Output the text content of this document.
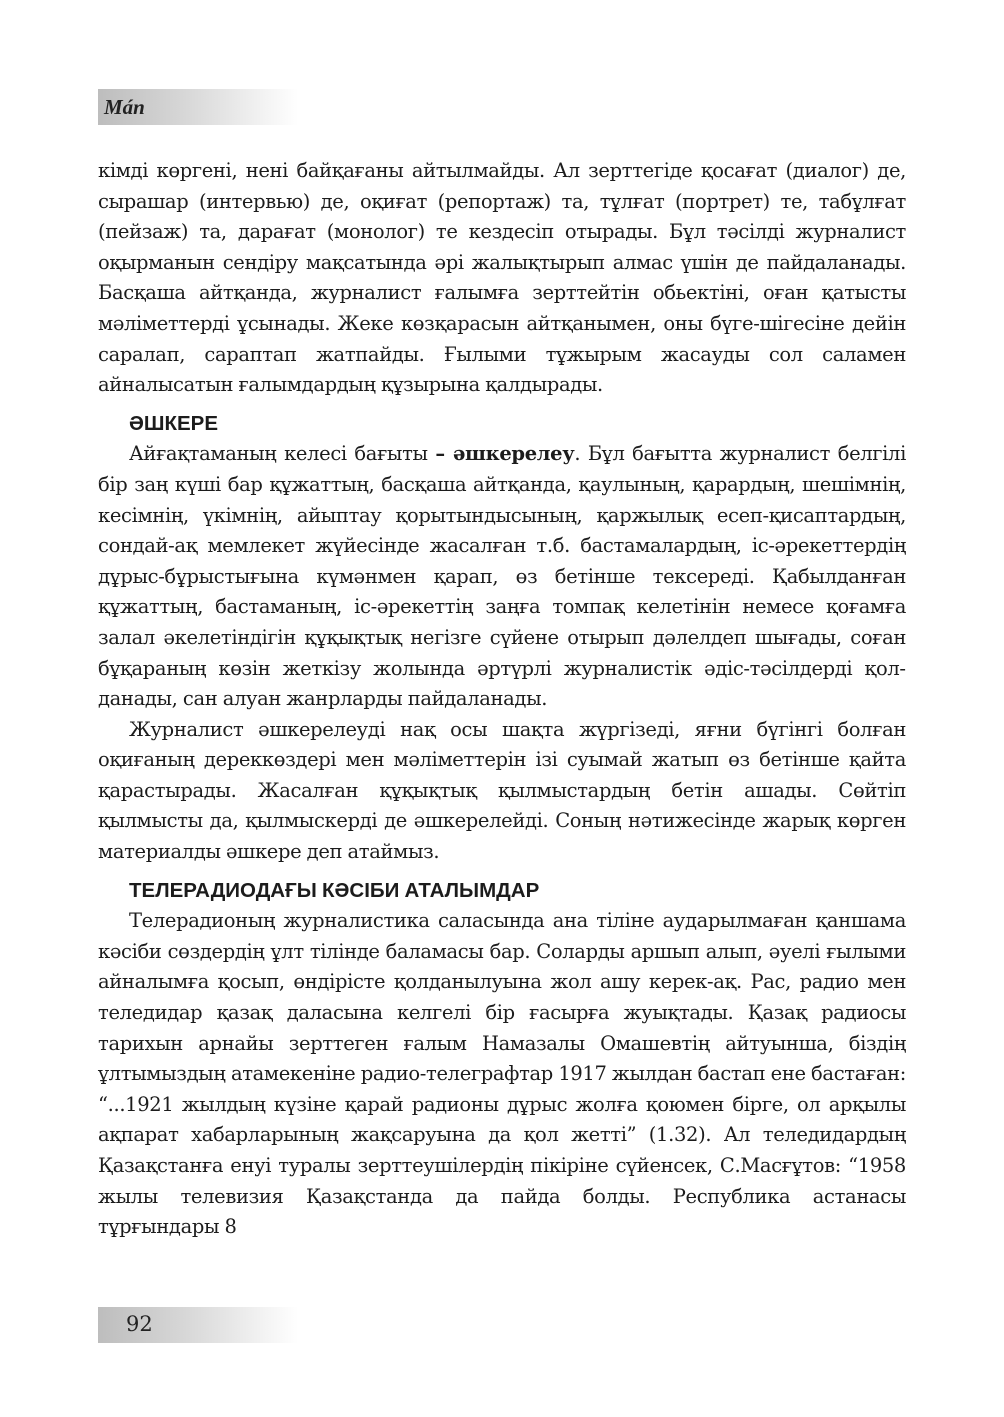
Mán

кімді көргені, нені байқағаны айтылмайды. Ал зерттегіде қосағат (диалог) де, сырашар (интервью) де, оқиғат (репортаж) та, тұлғат (портрет) те, табұлғат (пейзаж) та, дарағат (монолог) те кездесіп отырады. Бұл тәсілді журналист оқырманын сендіру мақсатында әрі жалықтырып алмас үшін де пайдаланады. Басқаша айтқанда, журналист ғалымға зерттейтін обьектіні, оған қатысты мәліметтерді ұсынады. Жеке көзқарасын айтқанымен, оны бүге-шігесіне дейін саралап, сараптап жатпайды. Ғылыми тұжырым жасауды сол саламен айналысатын ғалымдардың құзырына қалдырады.

ӘШКЕРЕ

Айғақтаманың келесі бағыты – әшкерелеу. Бұл бағытта журналист белгілі бір заң күші бар құжаттың, басқаша айтқанда, қаулының, қарардың, шешімнің, кесімнің, үкімнің, айыптау қорытындысының, қаржылық есеп-қисаптардың, сондай-ақ мемлекет жүйесінде жасалған т.б. бастамалардың, іс-әрекеттердің дұрыс-бұрыстығына күмәнмен қарап, өз бетінше тексереді. Қабылданған құжаттың, бастаманың, іс-әрекеттің заңға томпақ келетінін немесе қоғамға залал әкелетіндігін құқықтық негізге сүйене отырып дәлелдеп шығады, соған бұқараның көзін жеткізу жолында әртүрлі журналистік әдіс-тәсілдерді қолданады, сан алуан жанрларды пайдаланады.

Журналист әшкерелеуді нақ осы шақта жүргізеді, яғни бүгінгі болған оқиғаның дереккөздері мен мәліметтерін ізі суымай жатып өз бетінше қайта қарастырады. Жасалған құқықтық қылмыстардың бетін ашады. Сөйтіп қылмысты да, қылмыскерді де әшкерелейді. Соның нәтижесінде жарық көрген материалды әшкере деп атаймыз.

ТЕЛЕРАДИОДАҒЫ КӘСІБИ АТАЛЫМДАР

Телерадионың журналистика саласында ана тіліне аударылмаған қаншама кәсіби сөздердің ұлт тілінде баламасы бар. Соларды аршып алып, әуелі ғылыми айналымға қосып, өндірісте қолданылуына жол ашу керек-ақ. Рас, радио мен теледидар қазақ даласына келгелі бір ғасырға жуықтады. Қазақ радиосы тарихын арнайы зерттеген ғалым Намазалы Омашевтің айтуынша, біздің ұлтымыздың атамекеніне радио-телеграфтар 1917 жылдан бастап ене бастаған: “...1921 жылдың күзіне қарай радионы дұрыс жолға қоюмен бірге, ол арқылы ақпарат хабарларының жақсаруына да қол жетті” (1.32). Ал теледидардың Қазақстанға енуі туралы зерттеушілердің пікіріне сүйенсек, С.Масғұтов: “1958 жылы телевизия Қазақстанда да пайда болды. Республика астанасы тұрғындары 8

92
